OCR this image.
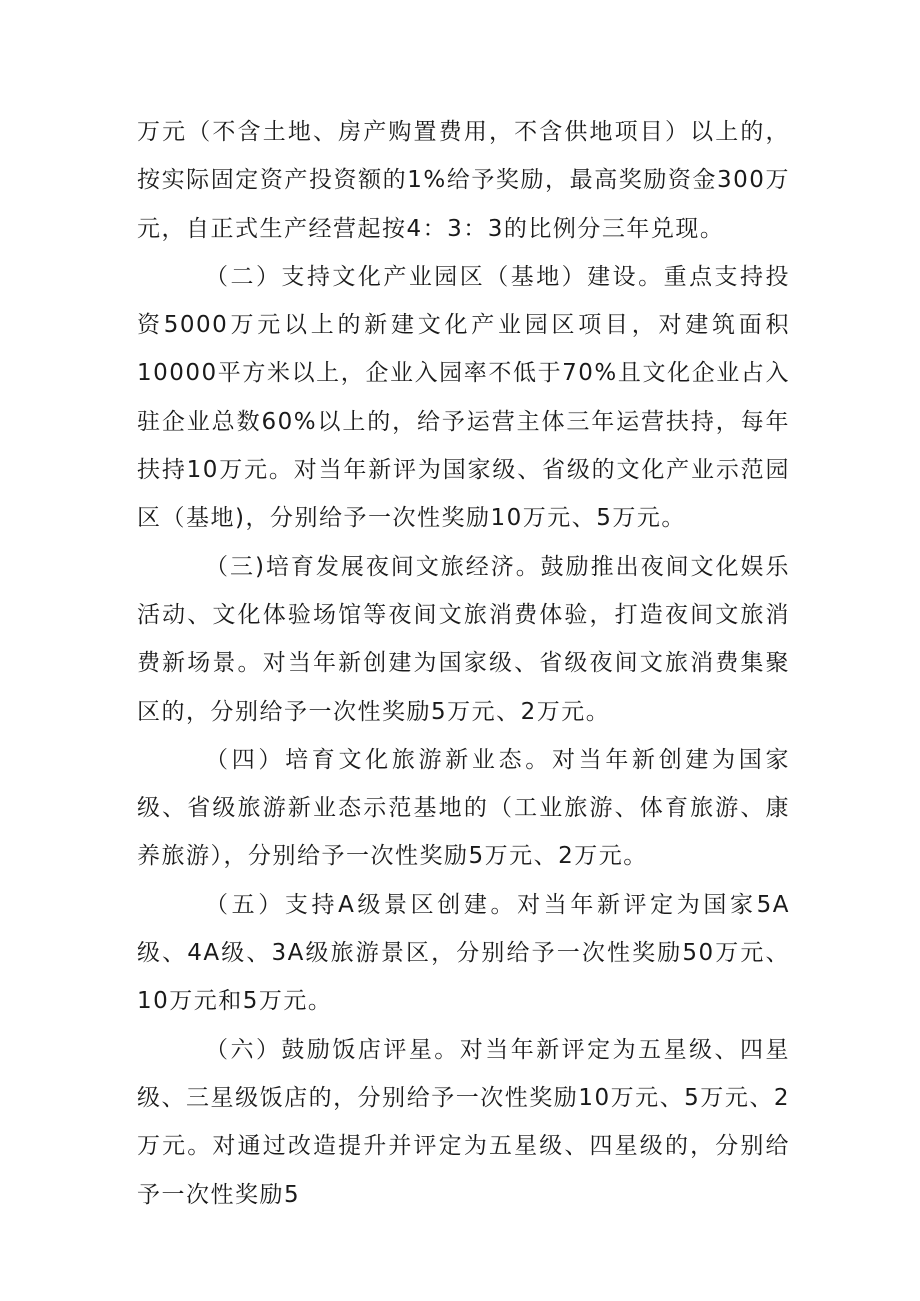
万元（不含土地、房产购置费用，不含供地项目）以上的，按实际固定资产投资额的1%给予奖励，最高奖励资金300万元，自正式生产经营起按4：3：3的比例分三年兑现。

（二）支持文化产业园区（基地）建设。重点支持投资5000万元以上的新建文化产业园区项目，对建筑面积10000平方米以上，企业入园率不低于70%且文化企业占入驻企业总数60%以上的，给予运营主体三年运营扶持，每年扶持10万元。对当年新评为国家级、省级的文化产业示范园区（基地)，分别给予一次性奖励10万元、5万元。

（三)培育发展夜间文旅经济。鼓励推出夜间文化娱乐活动、文化体验场馆等夜间文旅消费体验，打造夜间文旅消费新场景。对当年新创建为国家级、省级夜间文旅消费集聚区的，分别给予一次性奖励5万元、2万元。

（四）培育文化旅游新业态。对当年新创建为国家级、省级旅游新业态示范基地的（工业旅游、体育旅游、康养旅游），分别给予一次性奖励5万元、2万元。

（五）支持A级景区创建。对当年新评定为国家5A级、4A级、3A级旅游景区，分别给予一次性奖励50万元、10万元和5万元。

（六）鼓励饭店评星。对当年新评定为五星级、四星级、三星级饭店的，分别给予一次性奖励10万元、5万元、2万元。对通过改造提升并评定为五星级、四星级的，分别给予一次性奖励5
